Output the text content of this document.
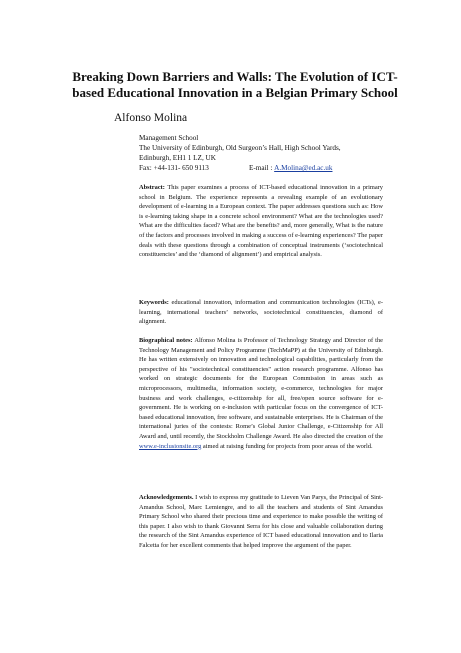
Breaking Down Barriers and Walls: The Evolution of ICT-based Educational Innovation in a Belgian Primary School
Alfonso Molina
Management School
The University of Edinburgh, Old Surgeon’s Hall, High School Yards,
Edinburgh, EH1 1 LZ, UK
Fax: +44-131- 650 9113	E-mail :
A.Molina@ed.ac.uk
Abstract: This paper examines a process of ICT-based educational innovation in a primary school in Belgium. The experience represents a revealing example of an evolutionary development of e-learning in a European context. The paper addresses questions such as: How is e-learning taking shape in a concrete school environment? What are the technologies used? What are the difficulties faced? What are the benefits? and, more generally, What is the nature of the factors and processes involved in making a success of e-learning experiences? The paper deals with these questions through a combination of conceptual instruments (‘sociotechnical constituencies’ and the ‘diamond of alignment’) and empirical analysis.
Keywords: educational innovation, information and communication technologies (ICTs), e-learning, international teachers’ networks, sociotechnical constituencies, diamond of alignment.
Biographical notes: Alfonso Molina is Professor of Technology Strategy and Director of the Technology Management and Policy Programme (TechMaPP) at the University of Edinburgh. He has written extensively on innovation and technological capabilities, particularly from the perspective of his "sociotechnical constituencies" action research programme. Alfonso has worked on strategic documents for the European Commission in areas such as microprocessors, multimedia, information society, e-commerce, technologies for major business and work challenges, e-citizenship for all, free/open source software for e-government. He is working on e-inclusion with particular focus on the convergence of ICT-based educational innovation, free software, and sustainable enterprises. He is Chairman of the international juries of the contests: Rome’s Global Junior Challenge, e-Citizenship for All Award and, until recently, the Stockholm Challenge Award. He also directed the creation of the www.e-inclusionsite.org aimed at raising funding for projects from poor areas of the world.
Acknowledgements. I wish to express my gratitude to Lieven Van Parys, the Principal of Sint-Amandus School, Marc Lemiengre, and to all the teachers and students of Sint Amandus Primary School who shared their precious time and experience to make possible the writing of this paper. I also wish to thank Giovanni Serra for his close and valuable collaboration during the research of the Sint Amandus experience of ICT based educational innovation and to Ilaria Falcetta for her excellent comments that helped improve the argument of the paper.
